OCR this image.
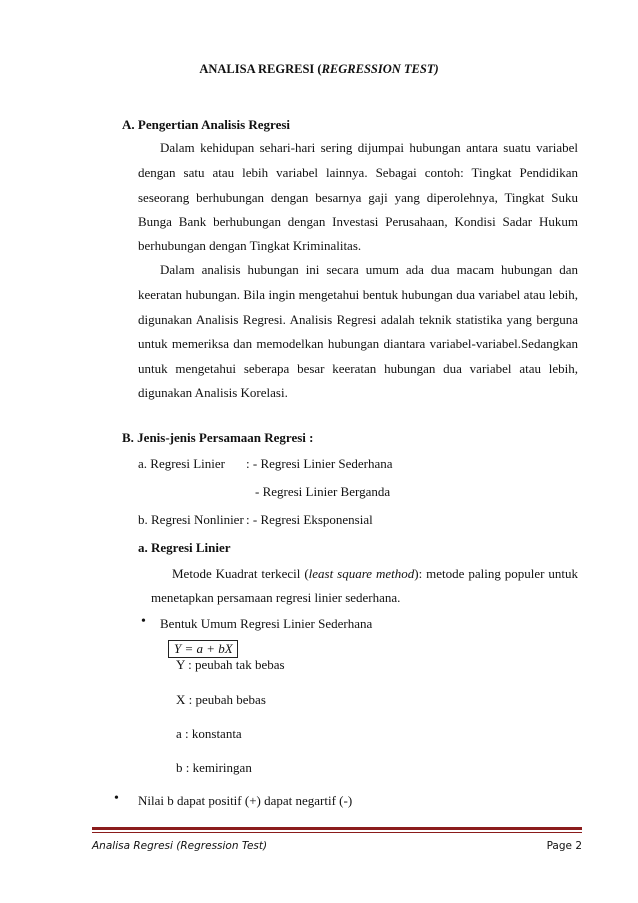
ANALISA REGRESI (REGRESSION TEST)
A. Pengertian Analisis Regresi
Dalam kehidupan sehari-hari sering dijumpai hubungan antara suatu variabel
dengan satu atau lebih variabel lainnya. Sebagai contoh: Tingkat Pendidikan
seseorang berhubungan dengan besarnya gaji yang diperolehnya, Tingkat Suku
Bunga Bank berhubungan dengan Investasi Perusahaan, Kondisi Sadar Hukum
berhubungan dengan Tingkat Kriminalitas.
Dalam analisis hubungan ini secara umum ada dua macam hubungan dan
keeratan hubungan. Bila ingin mengetahui bentuk hubungan dua variabel atau lebih,
digunakan Analisis Regresi. Analisis Regresi adalah teknik statistika yang berguna
untuk memeriksa dan memodelkan hubungan diantara variabel-variabel.Sedangkan
untuk mengetahui seberapa besar keeratan hubungan dua variabel atau lebih,
digunakan Analisis Korelasi.
B. Jenis-jenis Persamaan Regresi :
a. Regresi Linier : - Regresi Linier Sederhana
- Regresi Linier Berganda
b. Regresi Nonlinier : - Regresi Eksponensial
a. Regresi Linier
Metode Kuadrat terkecil (least square method): metode paling populer untuk
menetapkan persamaan regresi linier sederhana.
• Bentuk Umum Regresi Linier Sederhana
Y = a + bX
Y : peubah tak bebas
X : peubah bebas
a : konstanta
b : kemiringan
• Nilai b dapat positif (+) dapat negartif (-)
Analisa Regresi (Regression Test)	Page 2
